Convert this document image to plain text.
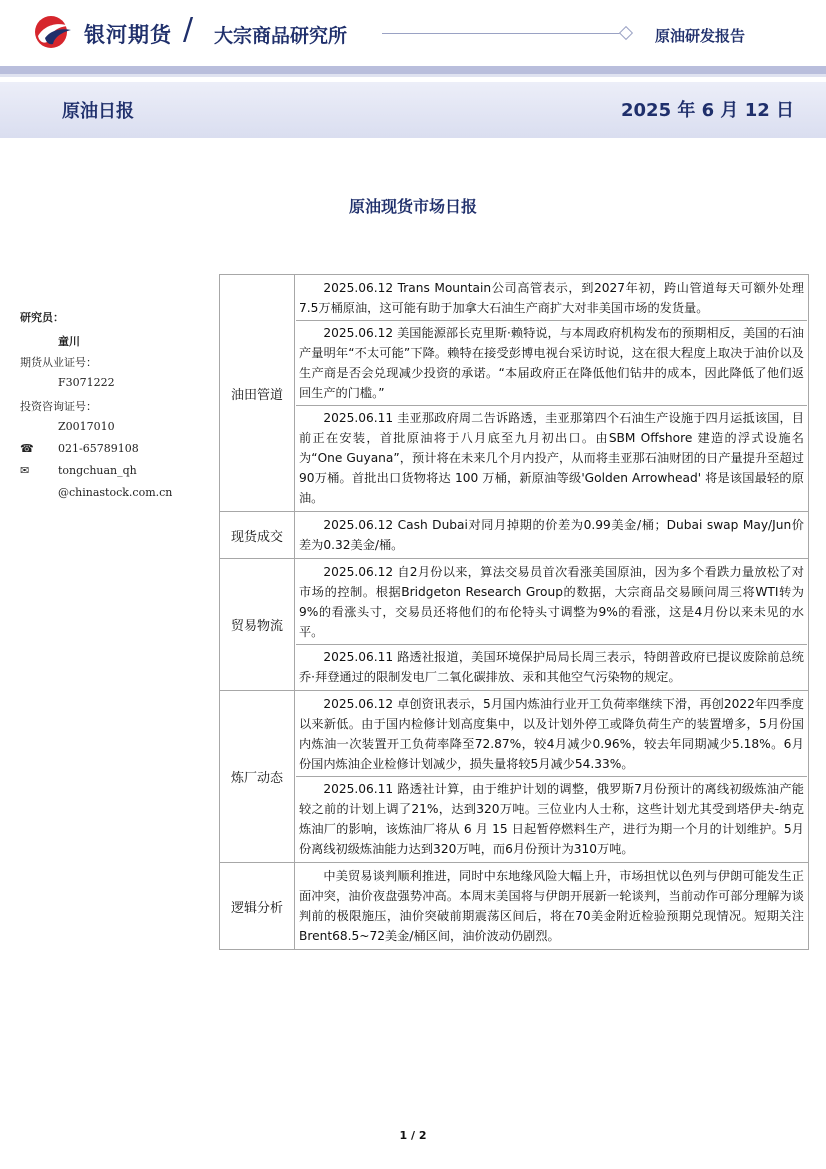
银河期货 / 大宗商品研究所	原油研发报告
原油日报	2025 年 6 月 12 日
原油现货市场日报
研究员：
童川
期货从业证号：
F3071222
投资咨询证号：
Z0017010
☎ 021-65789108
✉	tongchuan_qh
@chinastock.com.cn
油田管道	2025.06.12 Trans Mountain公司高管表示，到2027年初，跨山管道每天可额外处理7.5万桶原油，这可能有助于加拿大石油生产商扩大对非美国市场的发货量。

2025.06.12 美国能源部长克里斯·赖特说，与本周政府机构发布的预期相反，美国的石油产量明年“不太可能”下降。赖特在接受彭博电视台采访时说，这在很大程度上取决于油价以及生产商是否会兑现减少投资的承诺。“本届政府正在降低他们钻井的成本，因此降低了他们返回生产的门槛。”

2025.06.11 圭亚那政府周二告诉路透，圭亚那第四个石油生产设施于四月运抵该国，目前正在安装，首批原油将于八月底至九月初出口。由SBM Offshore 建造的浮式设施名为“One Guyana”，预计将在未来几个月内投产，从而将圭亚那石油财团的日产量提升至超过90万桶。首批出口货物将达 100 万桶，新原油等级'Golden Arrowhead' 将是该国最轻的原油。

现货成交	2025.06.12 Cash Dubai对同月掉期的价差为0.99美金/桶；Dubai swap May/Jun价差为0.32美金/桶。

贸易物流	2025.06.12 自2月份以来，算法交易员首次看涨美国原油，因为多个看跌力量放松了对市场的控制。根据Bridgeton Research Group的数据，大宗商品交易顾问周三将WTI转为9%的看涨头寸，交易员还将他们的布伦特头寸调整为9%的看涨，这是4月份以来未见的水平。

2025.06.11 路透社报道，美国环境保护局局长周三表示，特朗普政府已提议废除前总统乔·拜登通过的限制发电厂二氧化碳排放、汞和其他空气污染物的规定。

炼厂动态	2025.06.12 卓创资讯表示，5月国内炼油行业开工负荷率继续下滑，再创2022年四季度以来新低。由于国内检修计划高度集中，以及计划外停工或降负荷生产的装置增多，5月份国内炼油一次装置开工负荷率降至72.87%，较4月减少0.96%，较去年同期减少5.18%。6月份国内炼油企业检修计划减少，损失量将较5月减少54.33%。

2025.06.11 路透社计算，由于维护计划的调整，俄罗斯7月份预计的离线初级炼油产能较之前的计划上调了21%，达到320万吨。三位业内人士称，这些计划尤其受到塔伊夫-纳克炼油厂的影响，该炼油厂将从 6 月 15 日起暂停燃料生产，进行为期一个月的计划维护。5月份离线初级炼油能力达到320万吨，而6月份预计为310万吨。

逻辑分析	中美贸易谈判顺利推进，同时中东地缘风险大幅上升，市场担忧以色列与伊朗可能发生正面冲突，油价夜盘强势冲高。本周末美国将与伊朗开展新一轮谈判，当前动作可部分理解为谈判前的极限施压，油价突破前期震荡区间后，将在70美金附近检验预期兑现情况。短期关注Brent68.5~72美金/桶区间，油价波动仍剧烈。

1 / 2
